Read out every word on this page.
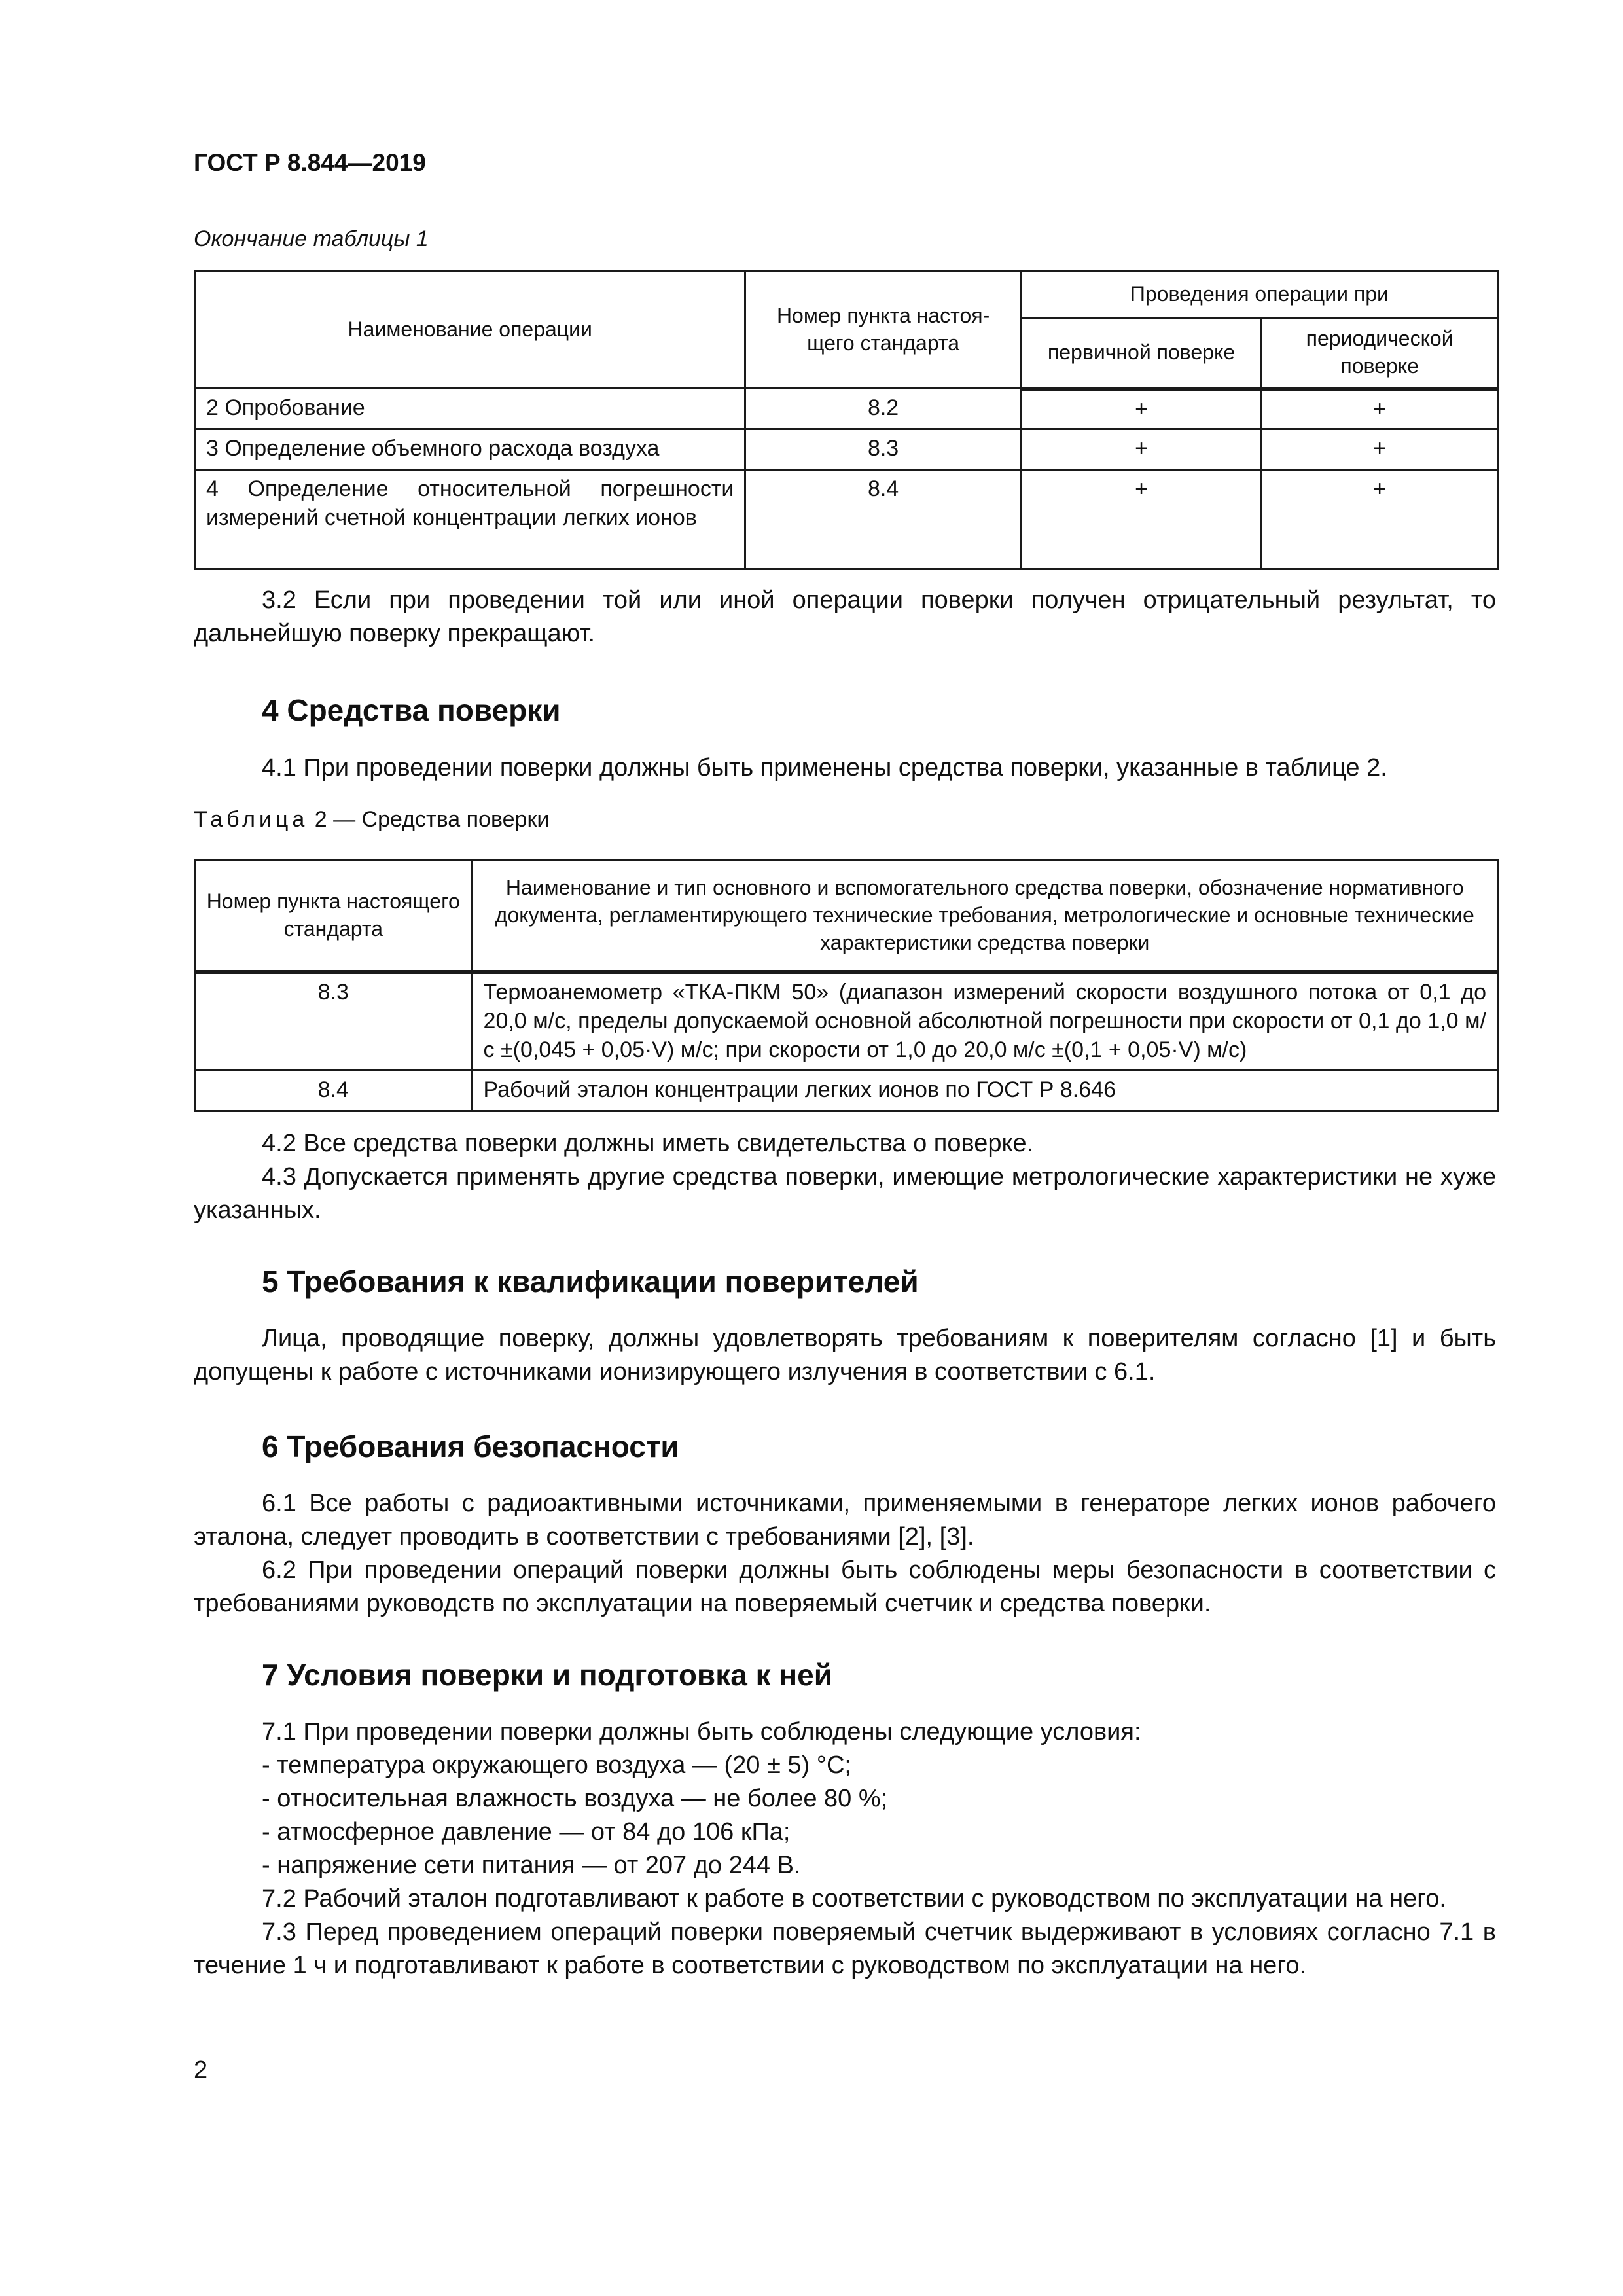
ГОСТ Р 8.844—2019
Окончание таблицы 1
Наименование операции	Номер пункта настоя-щего стандарта	Проведения операции при	
		первичной поверке	периодической поверке
2 Опробование	8.2	+	+
3 Определение объемного расхода воздуха	8.3	+	+
4 Определение относительной погрешности измерений счетной концентрации легких ионов	8.4	+	+

3.2 Если при проведении той или иной операции поверки получен отрицательный результат, то дальнейшую поверку прекращают.

4 Средства поверки

4.1 При проведении поверки должны быть применены средства поверки, указанные в таблице 2.

Таблица 2 — Средства поверки
Номер пункта настоящего стандарта	Наименование и тип основного и вспомогательного средства поверки, обозначение нормативного документа, регламентирующего технические требования, метрологические и основные технические характеристики средства поверки
8.3	Термоанемометр «ТКА-ПКМ 50» (диапазон измерений скорости воздушного потока от 0,1 до 20,0 м/с, пределы допускаемой основной абсолютной погрешности при скорости от 0,1 до 1,0 м/с ±(0,045 + 0,05·V) м/с; при скорости от 1,0 до 20,0 м/с ±(0,1 + 0,05·V) м/с)
8.4	Рабочий эталон концентрации легких ионов по ГОСТ Р 8.646

4.2 Все средства поверки должны иметь свидетельства о поверке.

4.3 Допускается применять другие средства поверки, имеющие метрологические характеристики не хуже указанных.

5 Требования к квалификации поверителей

Лица, проводящие поверку, должны удовлетворять требованиям к поверителям согласно [1] и быть допущены к работе с источниками ионизирующего излучения в соответствии с 6.1.

6 Требования безопасности

6.1 Все работы с радиоактивными источниками, применяемыми в генераторе легких ионов рабочего эталона, следует проводить в соответствии с требованиями [2], [3].

6.2 При проведении операций поверки должны быть соблюдены меры безопасности в соответствии с требованиями руководств по эксплуатации на поверяемый счетчик и средства поверки.

7 Условия поверки и подготовка к ней

7.1 При проведении поверки должны быть соблюдены следующие условия:

- температура окружающего воздуха — (20 ± 5) °С;

- относительная влажность воздуха — не более 80 %;

- атмосферное давление — от 84 до 106 кПа;

- напряжение сети питания — от 207 до 244 В.

7.2 Рабочий эталон подготавливают к работе в соответствии с руководством по эксплуатации на него.

7.3 Перед проведением операций поверки поверяемый счетчик выдерживают в условиях согласно 7.1 в течение 1 ч и подготавливают к работе в соответствии с руководством по эксплуатации на него.

2
